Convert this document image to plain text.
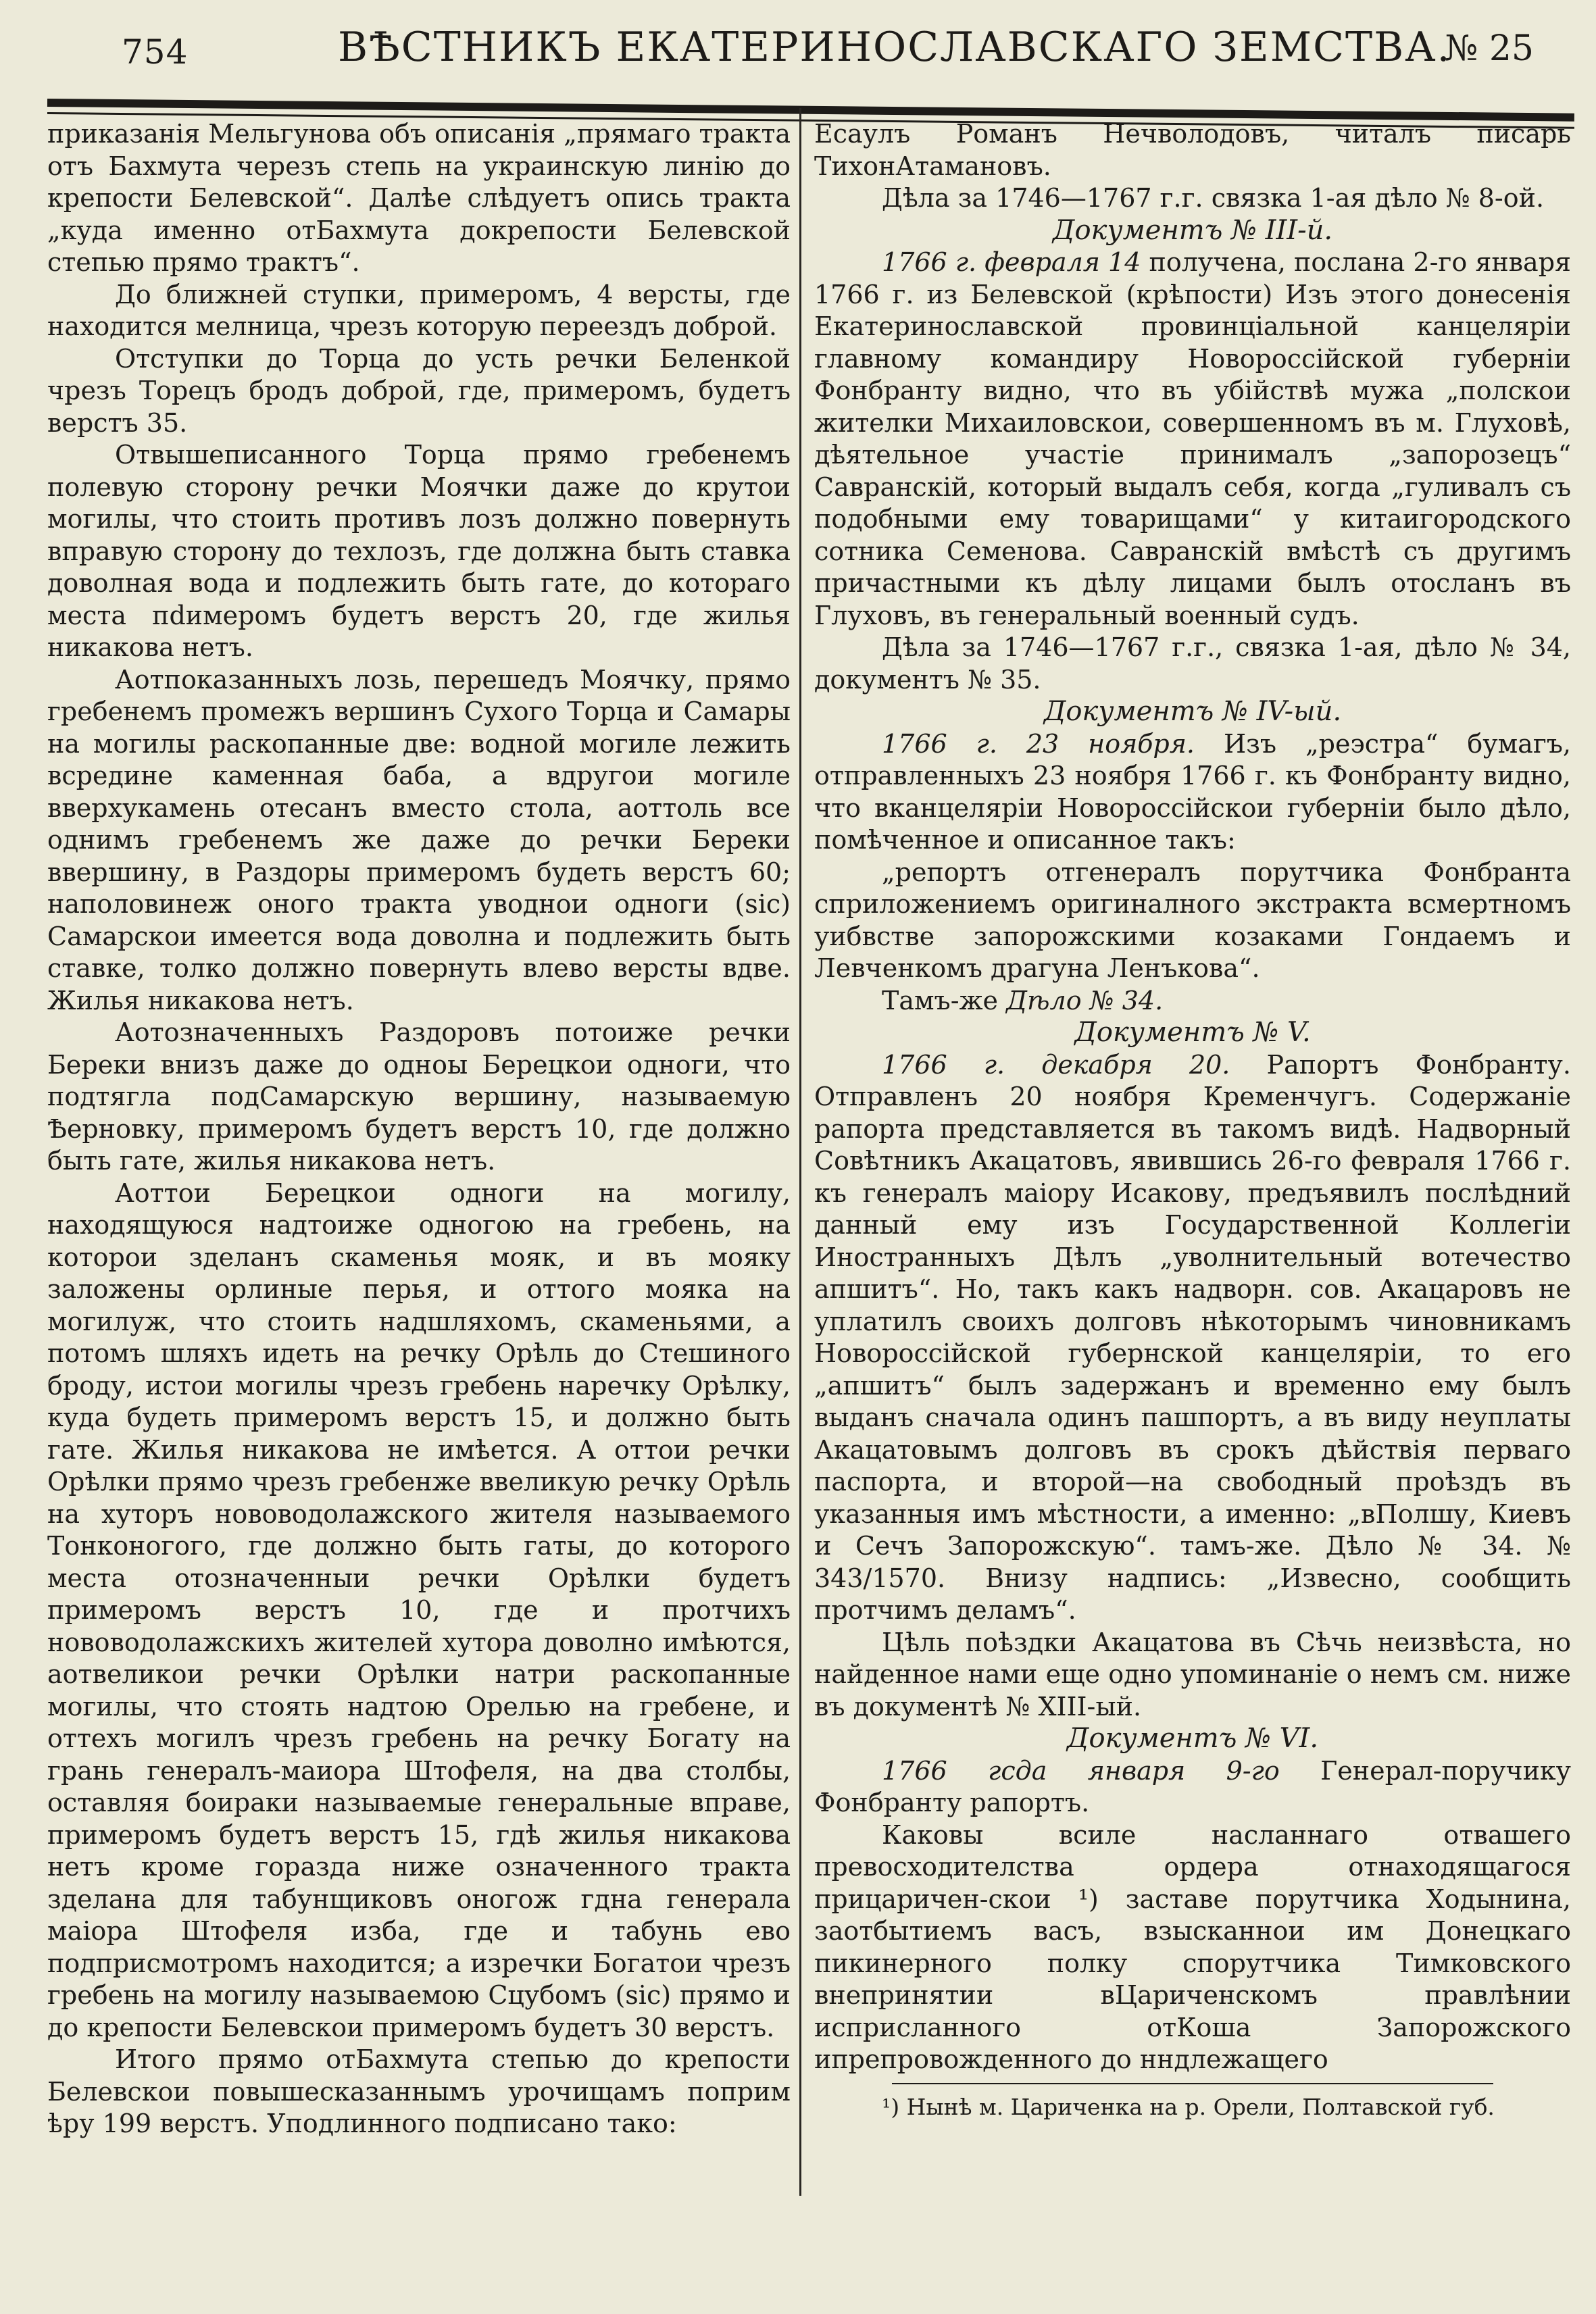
754	ВѢСТНИКЪ ЕКАТЕРИНОСЛАВСКАГО ЗЕМСТВА.
№ 25

приказанія Мельгунова объ описанія „прямагo тракта отъ Бахмута черезъ степь на украинскую линію до крепости Белевской“. Далѣе слѣдуетъ опись тракта „куда именно отБахмута докрепости Белевской степью прямо трактъ“.

До ближней ступки, примеромъ, 4 версты, где находится мелница, чрезъ которую переездъ доброй.

Отступки до Торца до усть речки Беленкой чрезъ Торецъ бродъ доброй, где, примеромъ, будетъ верстъ 35.

Отвышеписанного Торца прямо гребенемъ полевую сторону речки Моячки даже до крутои могилы, что стоить противъ лозъ должно повернуть вправую сторону до техлозъ, где должна быть ставка доволная вода и подлежить быть гате, до котораго места пdимеромъ будетъ верстъ 20, где жилья никакова нетъ.

Аотпоказанныхъ лозь, перешедъ Моячку, прямо гребенемъ промежъ вершинъ Сухого Торца и Самары на могилы раскопанные две: водной могиле лежить всредине каменная баба, а вдругои могиле вверхукамень отесанъ вместо стола, аоттоль все однимъ гребенемъ же даже до речки Береки ввершину, в Раздоры примеромъ будеть верстъ 60; наполовинеж оного тракта уводнои одноги (sic) Самарскои имеется вода доволна и подлежить быть ставке, толко должно повернуть влево версты вдве. Жилья никакова нетъ.

Аотозначенныхъ Раздоровъ потоиже речки Береки внизъ даже до одноы Берецкои одноги, что подтягла подСамарскую вершину, называемую Ѣерновку, примеромъ будетъ верстъ 10, где должно быть гате, жилья никакова нетъ.

Аоттои Берецкои одноги на могилу, находящуюся надтоиже одногою на гребень, на которои зделанъ скаменья мояк, и въ мояку заложены орлиные перья, и оттого мояка на могилуж, что стоить надшляхомъ, скаменьями, а потомъ шляхъ идеть на речку Орѣль до Стешиного броду, истои могилы чрезъ гребень наречку Орѣлку, куда будеть примеромъ верстъ 15, и должно быть гате. Жилья никакова не имѣется. А оттои речки Орѣлки прямо чрезъ гребенже ввеликую речку Орѣль на хуторъ нововодолажского жителя называемого Тонконогого, где должно быть гаты, до которого места отозначенныи речки Орѣлки будетъ примеромъ верстъ 10, где и протчихъ нововодолажскихъ жителей хутора доволно имѣются, аотвеликои речки Орѣлки натри раскопанные могилы, что стоять надтою Орелью на гребене, и оттехъ могилъ чрезъ гребень на речку Богату на грань генералъ-маиора Штофеля, на два столбы, оставляя боираки называемые генеральные вправе, примеромъ будетъ верстъ 15, гдѣ жилья никакова нетъ кроме горазда ниже означенного тракта зделана для табунщиковъ оногож гдна генерала маіора Штофеля изба, где и табунь ево подприсмотромъ находится; а изречки Богатои чрезъ гребень на могилу называемою Сцубомъ (sic) прямо и до крепости Белевскои примеромъ будетъ 30 верстъ.

Итого прямо отБахмута степью до крепости Белевскои повышесказаннымъ урочищамъ поприм​ѣру 199 верстъ. Уподлинного подписано тако:

Есаулъ Романъ Нечволодовъ, читалъ писарь ТихонАтамановъ.

Дѣла за 1746—1767 г.г. связка 1-ая дѣло № 8-ой.

Документъ № III-й.

1766 г. февраля 14 получена, послана 2-го января 1766 г. из Белевской (крѣпости) Изъ этого донесенія Екатеринославской провинціальной канцеляріи главному командиру Новороссійской губерніи Фонбранту видно, что въ убійствѣ мужа „полскои жителки Михаиловскои, совершенномъ въ м. Глуховѣ, дѣятельное участіе принималъ „запорозецъ“ Савранскій, который выдалъ себя, когда „гуливалъ съ подобными ему товарищами“ у китаигородского сотника Семенова. Савранскій вмѣстѣ съ другимъ причастными къ дѣлу лицами былъ отосланъ въ Глуховъ, въ генеральный военный судъ.

Дѣла за 1746—1767 г.г., связка 1-ая, дѣло № 34, документъ № 35.

Документъ № IV-ый.

1766 г. 23 ноября. Изъ „реэстра“ бумагъ, отправленныхъ 23 ноября 1766 г. къ Фонбранту видно, что вканцеляріи Новороссійскои губерніи было дѣло, помѣченное и описанное такъ:

„репортъ отгенералъ порутчика Фонбранта сприложениемъ оригиналного экстракта всмертномъ уибвстве запорожскими козаками Гондаемъ и Левченкомъ драгуна Ленъкова“.

Тамъ-же Дѣло № 34.

Документъ № V.

1766 г. декабря 20. Рапортъ Фонбранту. Отправленъ 20 ноября Кременчугъ. Содержаніе рапорта представляется въ такомъ видѣ. Надворный Совѣтникъ Акацатовъ, явившись 26-го февраля 1766 г. къ генералъ маіору Исакову, предъявилъ послѣдний данный ему изъ Государственной Коллегіи Иностранныхъ Дѣлъ „уволнительный вотечество апшитъ“. Но, такъ какъ надворн. сов. Акацаровъ не уплатилъ своихъ долговъ нѣкоторымъ чиновникамъ Новороссійской губернской канцеляріи, то его „апшитъ“ былъ задержанъ и временно ему былъ выданъ сначала одинъ пашпортъ, а въ виду неуплаты Акацатовымъ долговъ въ срокъ дѣйствія перваго паспорта, и второй—на свободный проѣздъ въ указанныя имъ мѣстности, а именно: „вПолшу, Киевъ и Сечъ Запорожскую“. тамъ-же. Дѣло № 34. № 343/1570. Внизу надпись: „Извесно, сообщить протчимъ деламъ“.

Цѣль поѣздки Акацатова въ Сѣчь неизвѣста, но найденное нами еще одно упоминаніе о немъ см. ниже въ документѣ № XIII-ый.

Документъ № VI.

1766 гсда января 9-го Генерал-поручику Фонбранту рапортъ.

Каковы всиле насланнагo отвашего превосходителства ордера отнаходящагося прицаричен-скои ¹) заставе порутчика Ходынина, заотбытиемъ васъ, взысканнои им Донецкагo пикинерного полку спорутчика Тимковского внепринятии вЦариченскомъ правлѣнии исприсланного отКоша Запорожского ипрепровожденного до нндлежащего

¹) Нынѣ м. Цариченка на р. Орели, Полтавской губ.
